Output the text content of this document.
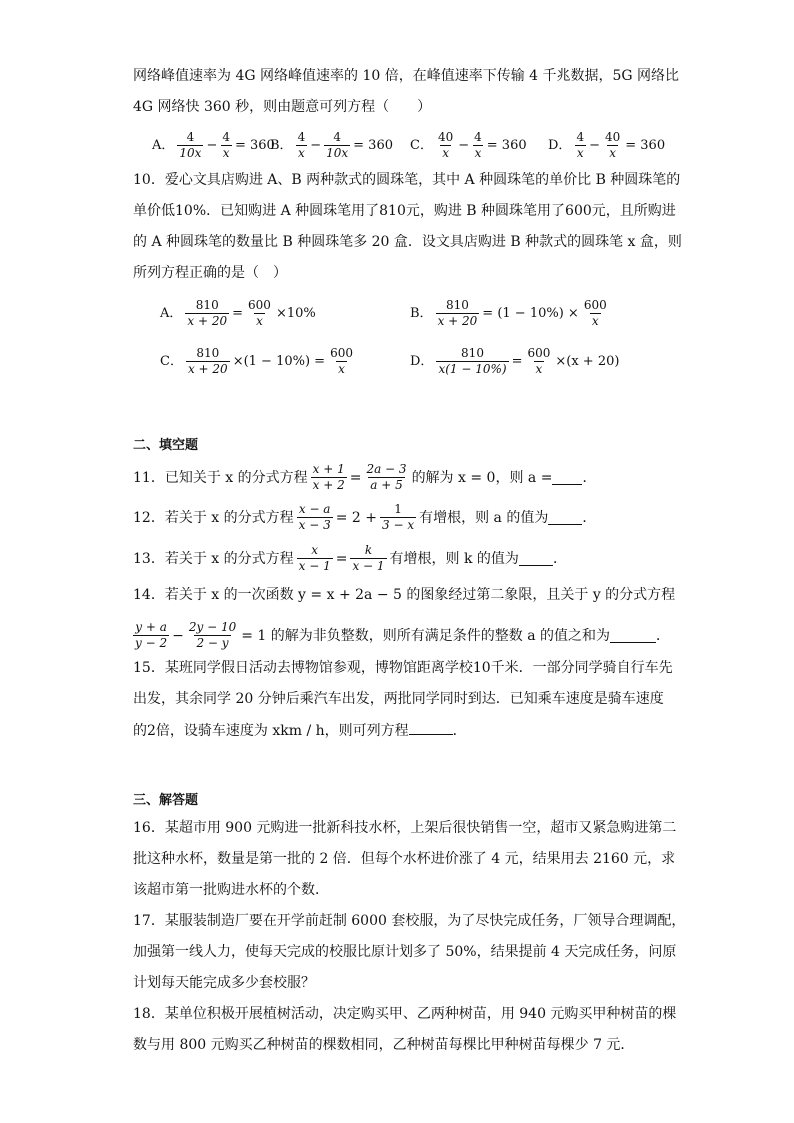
网络峰值速率为 4G 网络峰值速率的 10 倍，在峰值速率下传输 4 千兆数据，5G 网络比
4G 网络快 360 秒，则由题意可列方程（　　）
A． $\frac{4}{10x} - \frac{4}{x} = 360$
B． $\frac{4}{x} - \frac{4}{10x} = 360$ C． $\frac{40}{x} - \frac{4}{x} = 360$ D． $\frac{4}{x} - \frac{40}{x} = 360$
10．爱心文具店购进 A、B 两种款式的圆珠笔，其中 A 种圆珠笔的单价比 B 种圆珠笔的
单价低10%．已知购进 A 种圆珠笔用了810元，购进 B 种圆珠笔用了600元，且所购进
的 A 种圆珠笔的数量比 B 种圆珠笔多 20 盒．设文具店购进 B 种款式的圆珠笔 x 盒，则
所列方程正确的是（　）
A． $\frac{810}{x + 20} = \frac{600}{x} \times 10\%$	B． $\frac{810}{x + 20} = (1 - 10\%) \times \frac{600}{x}$
C． $\frac{810}{x + 20} \times(1 - 10\%) = \frac{600}{x}$	D． $\frac{810}{x(1 - 10\%)} = \frac{600}{x} \times(x + 20)$
二、填空题
11．已知关于 x 的分式方程 $\frac{x + 1}{x + 2} = \frac{2a - 3}{a + 5}$ 的解为 x = 0，则 a = ．
12．若关于 x 的分式方程 $\frac{x - a}{x - 3} = 2 + \frac{1}{3 - x}$ 有增根，则 a 的值为 ．
13．若关于 x 的分式方程 $\frac{x}{x - 1} = \frac{k}{x - 1}$ 有增根，则 k 的值为 ．
14．若关于 x 的一次函数 y = x + 2a − 5 的图象经过第二象限，且关于 y 的分式方程
$\frac{y + a}{y - 2} - \frac{2y - 10}{2 - y} = 1$ 的解为非负整数，则所有满足条件的整数 a 的值之和为	．
15．某班同学假日活动去博物馆参观，博物馆距离学校10千米．一部分同学骑自行车先
出发，其余同学 20 分钟后乘汽车出发，两批同学同时到达．已知乘车速度是骑车速度
的2倍，设骑车速度为 xkm / h，则可列方程	．
三、解答题
16．某超市用 900 元购进一批新科技水杯，上架后很快销售一空，超市又紧急购进第二
批这种水杯，数量是第一批的 2 倍．但每个水杯进价涨了 4 元，结果用去 2160 元，求
该超市第一批购进水杯的个数．
17．某服装制造厂要在开学前赶制 6000 套校服，为了尽快完成任务，厂领导合理调配，
加强第一线人力，使每天完成的校服比原计划多了 50%，结果提前 4 天完成任务，问原
计划每天能完成多少套校服？
18．某单位积极开展植树活动，决定购买甲、乙两种树苗，用 940 元购买甲种树苗的棵
数与用 800 元购买乙种树苗的棵数相同，乙种树苗每棵比甲种树苗每棵少 7 元．
